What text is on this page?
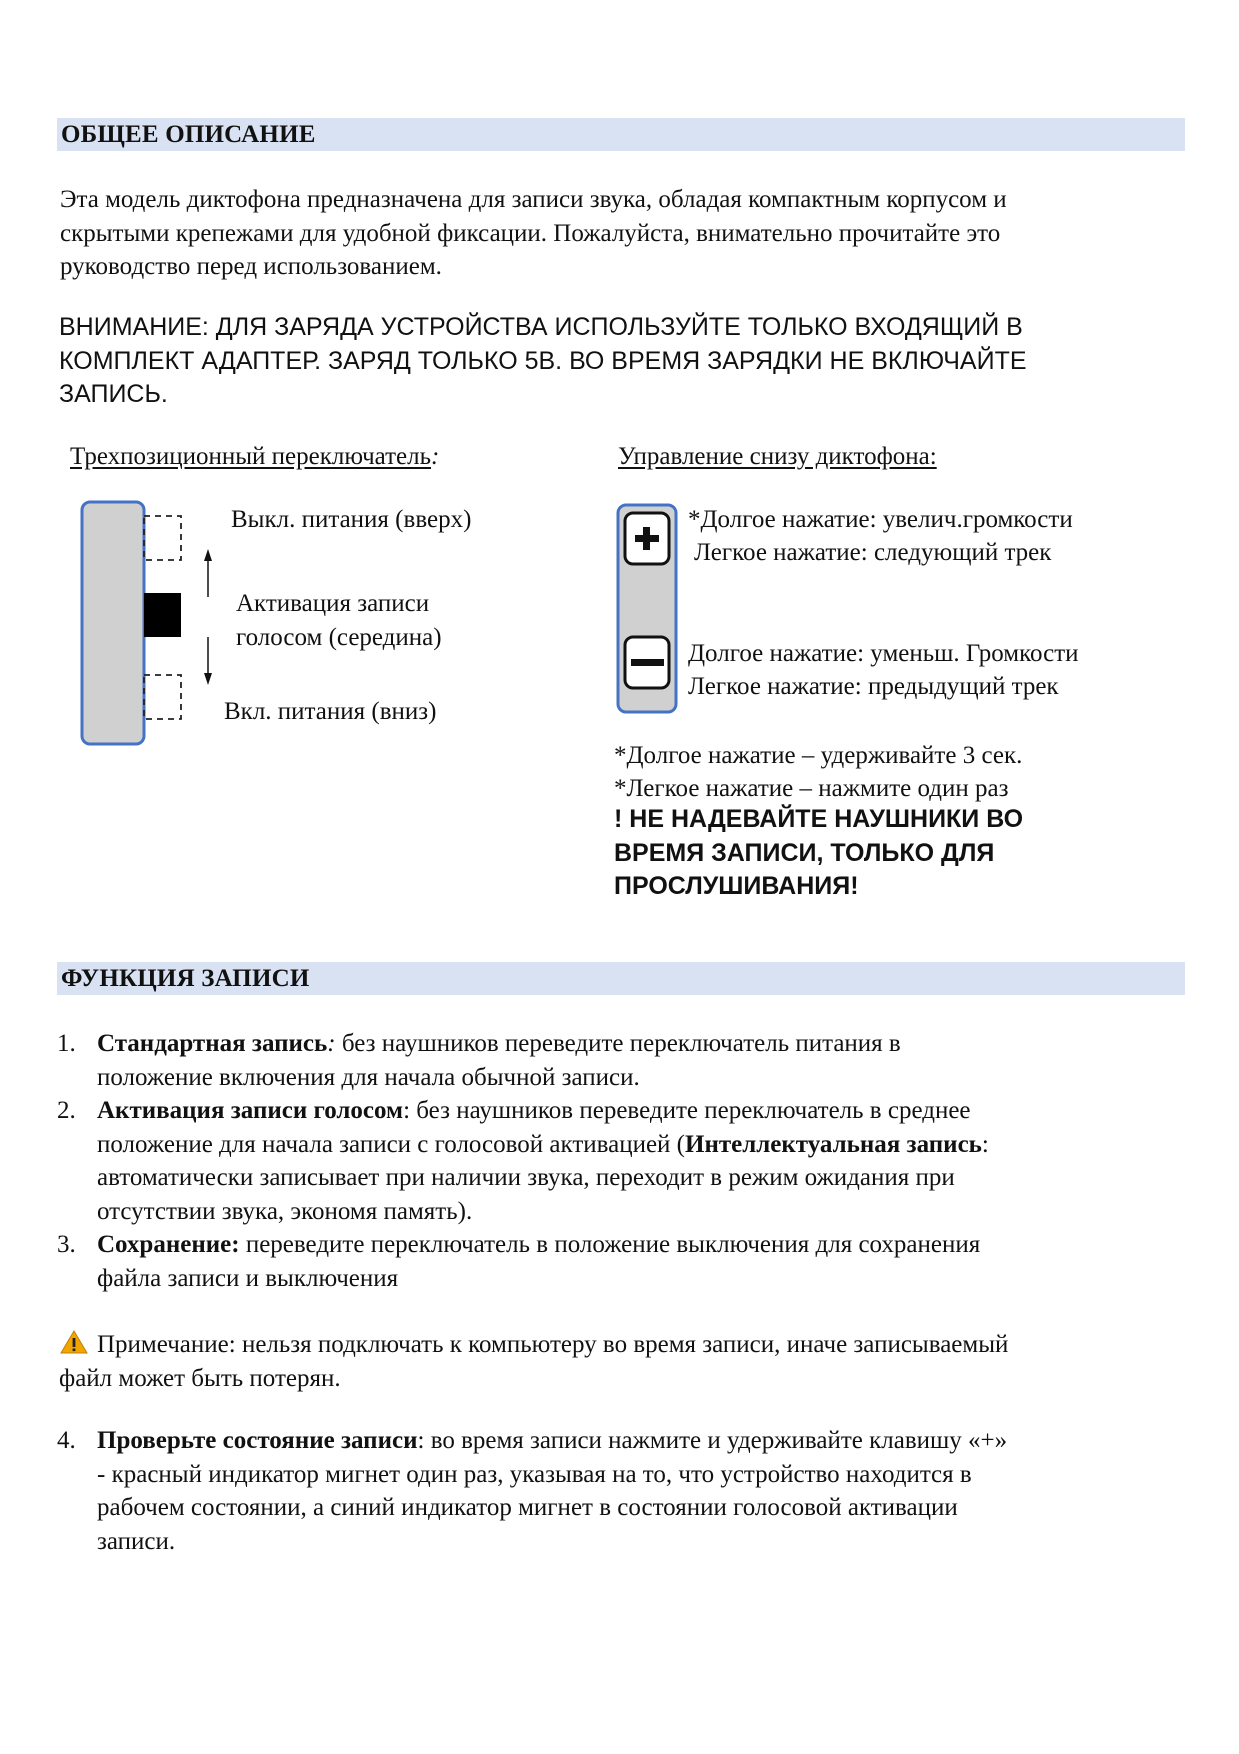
ОБЩЕЕ ОПИСАНИЕ
Эта модель диктофона предназначена для записи звука, обладая компактным корпусом и
скрытыми крепежами для удобной фиксации. Пожалуйста, внимательно прочитайте это
руководство перед использованием.
ВНИМАНИЕ: ДЛЯ ЗАРЯДА УСТРОЙСТВА ИСПОЛЬЗУЙТЕ ТОЛЬКО ВХОДЯЩИЙ В
КОМПЛЕКТ АДАПТЕР. ЗАРЯД ТОЛЬКО 5В. ВО ВРЕМЯ ЗАРЯДКИ НЕ ВКЛЮЧАЙТЕ
ЗАПИСЬ.
Трехпозиционный переключатель:
Выкл. питания (вверх)
Активация записи
голосом (середина)
Вкл. питания (вниз)
Управление снизу диктофона:
*Долгое нажатие: увелич.громкости
Легкое нажатие: следующий трек
Долгое нажатие: уменьш. Громкости
Легкое нажатие: предыдущий трек
*Долгое нажатие – удерживайте 3 сек.
*Легкое нажатие – нажмите один раз
! НЕ НАДЕВАЙТЕ НАУШНИКИ ВО
ВРЕМЯ ЗАПИСИ, ТОЛЬКО ДЛЯ
ПРОСЛУШИВАНИЯ!
ФУНКЦИЯ ЗАПИСИ
1. Стандартная запись: без наушников переведите переключатель питания в
положение включения для начала обычной записи.
2. Активация записи голосом: без наушников переведите переключатель в среднее
положение для начала записи с голосовой активацией (Интеллектуальная запись:
автоматически записывает при наличии звука, переходит в режим ожидания при
отсутствии звука, экономя память).
3. Сохранение: переведите переключатель в положение выключения для сохранения
файла записи и выключения
Примечание: нельзя подключать к компьютеру во время записи, иначе записываемый
файл может быть потерян.
4. Проверьте состояние записи: во время записи нажмите и удерживайте клавишу «+»
- красный индикатор мигнет один раз, указывая на то, что устройство находится в
рабочем состоянии, а синий индикатор мигнет в состоянии голосовой активации
записи.
